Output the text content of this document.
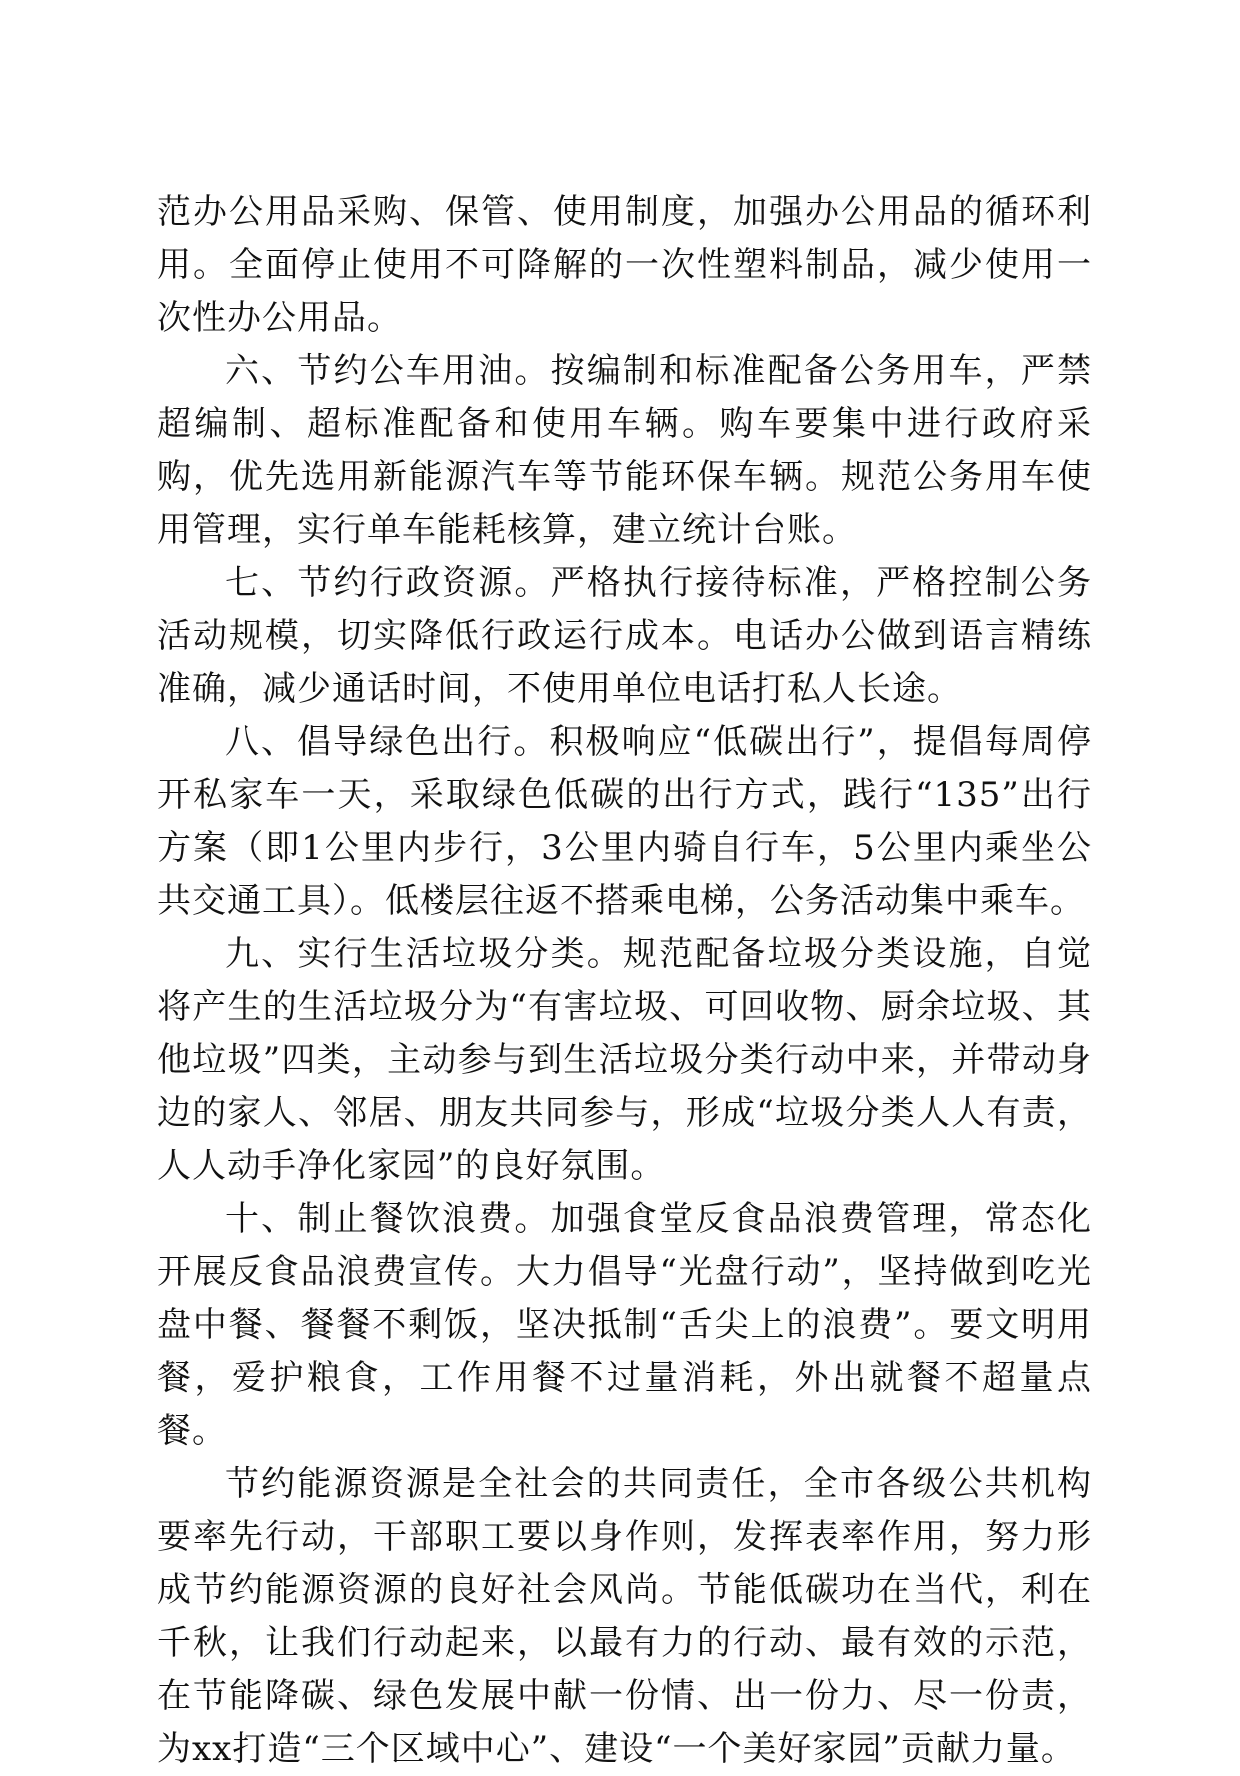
范办公用品采购、保管、使用制度，加强办公用品的循环利用。全面停止使用不可降解的一次性塑料制品，减少使用一次性办公用品。

六、节约公车用油。按编制和标准配备公务用车，严禁超编制、超标准配备和使用车辆。购车要集中进行政府采购，优先选用新能源汽车等节能环保车辆。规范公务用车使用管理，实行单车能耗核算，建立统计台账。

七、节约行政资源。严格执行接待标准，严格控制公务活动规模，切实降低行政运行成本。电话办公做到语言精练准确，减少通话时间，不使用单位电话打私人长途。

八、倡导绿色出行。积极响应“低碳出行”，提倡每周停开私家车一天，采取绿色低碳的出行方式，践行“135”出行方案（即1公里内步行，3公里内骑自行车，5公里内乘坐公共交通工具）。低楼层往返不搭乘电梯，公务活动集中乘车。

九、实行生活垃圾分类。规范配备垃圾分类设施，自觉将产生的生活垃圾分为“有害垃圾、可回收物、厨余垃圾、其他垃圾”四类，主动参与到生活垃圾分类行动中来，并带动身边的家人、邻居、朋友共同参与，形成“垃圾分类人人有责，人人动手净化家园”的良好氛围。

十、制止餐饮浪费。加强食堂反食品浪费管理，常态化开展反食品浪费宣传。大力倡导“光盘行动”，坚持做到吃光盘中餐、餐餐不剩饭，坚决抵制“舌尖上的浪费”。要文明用餐，爱护粮食，工作用餐不过量消耗，外出就餐不超量点餐。

节约能源资源是全社会的共同责任，全市各级公共机构要率先行动，干部职工要以身作则，发挥表率作用，努力形成节约能源资源的良好社会风尚。节能低碳功在当代，利在千秋，让我们行动起来，以最有力的行动、最有效的示范，在节能降碳、绿色发展中献一份情、出一份力、尽一份责，为xx打造“三个区域中心”、建设“一个美好家园”贡献力量。
